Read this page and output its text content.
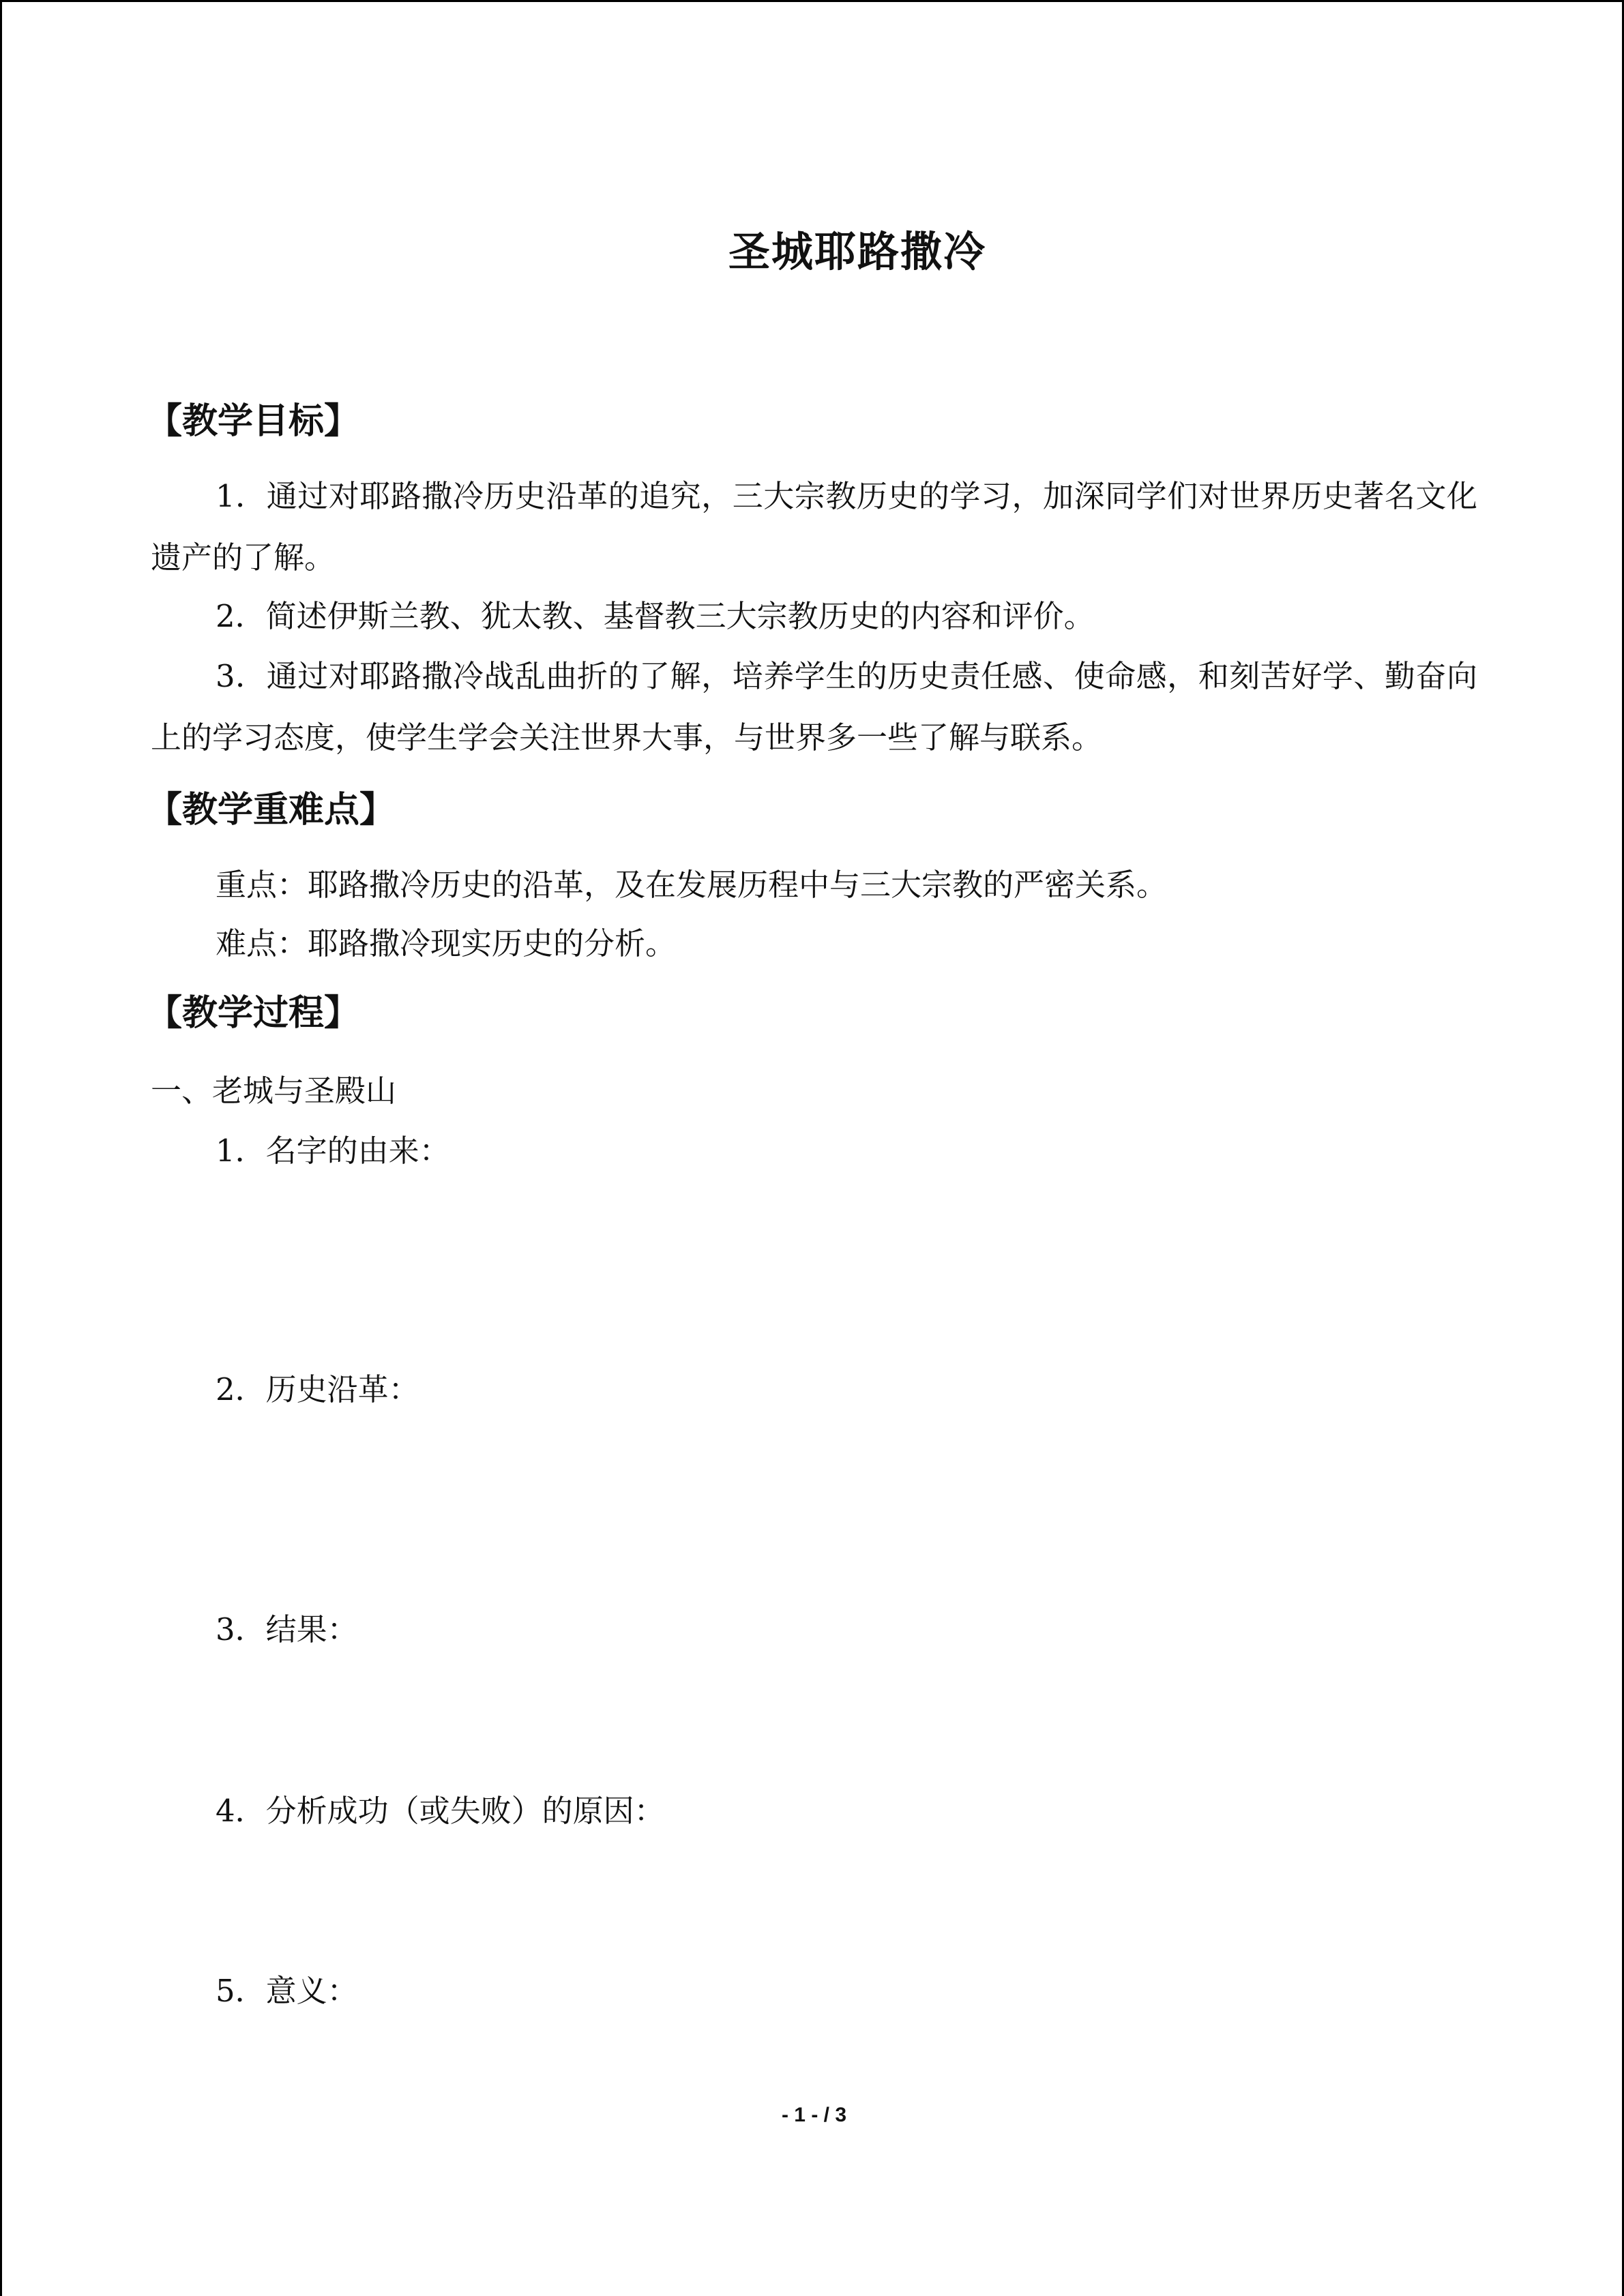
圣城耶路撒冷
【教学目标】

1．通过对耶路撒冷历史沿革的追究，三大宗教历史的学习，加深同学们对世界历史著名文化遗产的了解。

2．简述伊斯兰教、犹太教、基督教三大宗教历史的内容和评价。

3．通过对耶路撒冷战乱曲折的了解，培养学生的历史责任感、使命感，和刻苦好学、勤奋向上的学习态度，使学生学会关注世界大事，与世界多一些了解与联系。

【教学重难点】

重点：耶路撒冷历史的沿革，及在发展历程中与三大宗教的严密关系。

难点：耶路撒冷现实历史的分析。

【教学过程】

一、老城与圣殿山

1．名字的由来：

2．历史沿革：

3．结果：

4．分析成功（或失败）的原因：

5．意义：

- 1 - / 3
